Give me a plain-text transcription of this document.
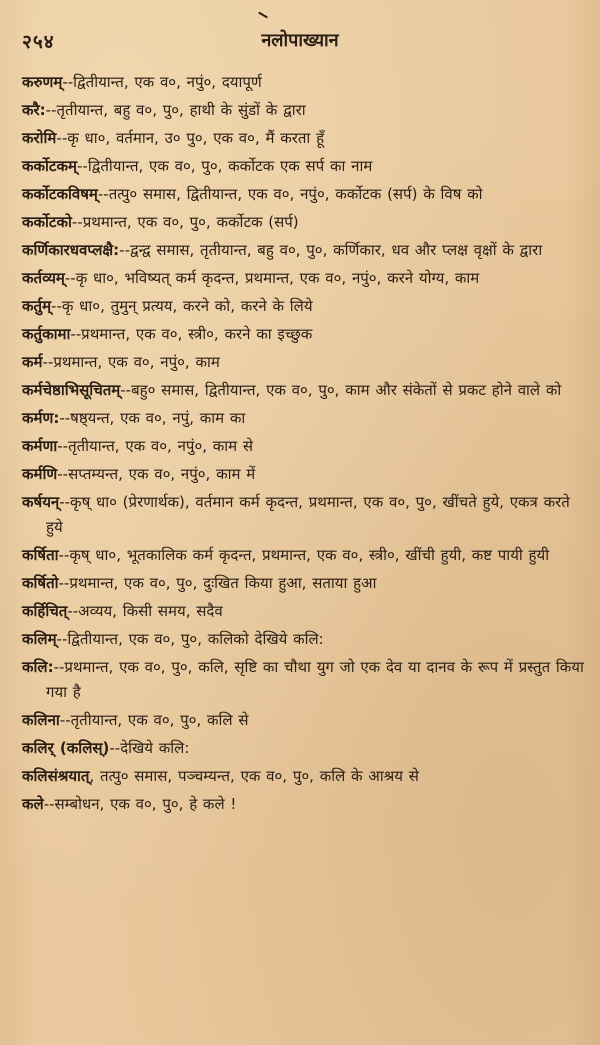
२५४	नलोपाख्यान
करुणम्--द्वितीयान्त, एक व०, नपुं०, दयापूर्ण
करै:--तृतीयान्त, बहु व०, पु०, हाथी के सुंडों के द्वारा
करोमि--कृ धा०, वर्तमान, उ० पु०, एक व०, मैं करता हूँ
कर्कोटकम्--द्वितीयान्त, एक व०, पु०, कर्कोटक एक सर्प का नाम
कर्कोटकविषम्--तत्पु० समास, द्वितीयान्त, एक व०, नपुं०, कर्कोटक (सर्प) के विष को
कर्कोटको--प्रथमान्त, एक व०, पु०, कर्कोटक (सर्प)
कर्णिकारधवप्लक्षै:--द्वन्द्व समास, तृतीयान्त, बहु व०, पु०, कर्णिकार, धव और प्लक्ष वृक्षों के द्वारा
कर्तव्यम्--कृ धा०, भविष्यत् कर्म कृदन्त, प्रथमान्त, एक व०, नपुं०, करने योग्य, काम
कर्तुम्--कृ धा०, तुमुन् प्रत्यय, करने को, करने के लिये
कर्तुकामा--प्रथमान्त, एक व०, स्त्री०, करने का इच्छुक
कर्म--प्रथमान्त, एक व०, नपुं०, काम
कर्मचेष्ठाभिसूचितम्--बहु० समास, द्वितीयान्त, एक व०, पु०, काम और संकेतों से प्रकट होने वाले को
कर्मण:--षष्ठ्यन्त, एक व०, नपुं, काम का
कर्मणा--तृतीयान्त, एक व०, नपुं०, काम से
कर्मणि--सप्तम्यन्त, एक व०, नपुं०, काम में
कर्षयन्--कृष् धा० (प्रेरणार्थक), वर्तमान कर्म कृदन्त, प्रथमान्त, एक व०, पु०, खींचते हुये, एकत्र करते हुये
कर्षिता--कृष् धा०, भूतकालिक कर्म कृदन्त, प्रथमान्त, एक व०, स्त्री०, खींची हुयी, कष्ट पायी हुयी
कर्षितो--प्रथमान्त, एक व०, पु०, दुःखित किया हुआ, सताया हुआ
कर्हिचित्--अव्यय, किसी समय, सदैव
कलिम्--द्वितीयान्त, एक व०, पु०, कलिको देखिये कलि:
कलि:--प्रथमान्त, एक व०, पु०, कलि, सृष्टि का चौथा युग जो एक देव या दानव के रूप में प्रस्तुत किया गया है
कलिना--तृतीयान्त, एक व०, पु०, कलि से
कलिर् (कलिस्)--देखिये कलि:
कलिसंश्रयात्, तत्पु० समास, पञ्चम्यन्त, एक व०, पु०, कलि के आश्रय से
कले--सम्बोधन, एक व०, पु०, हे कले !
